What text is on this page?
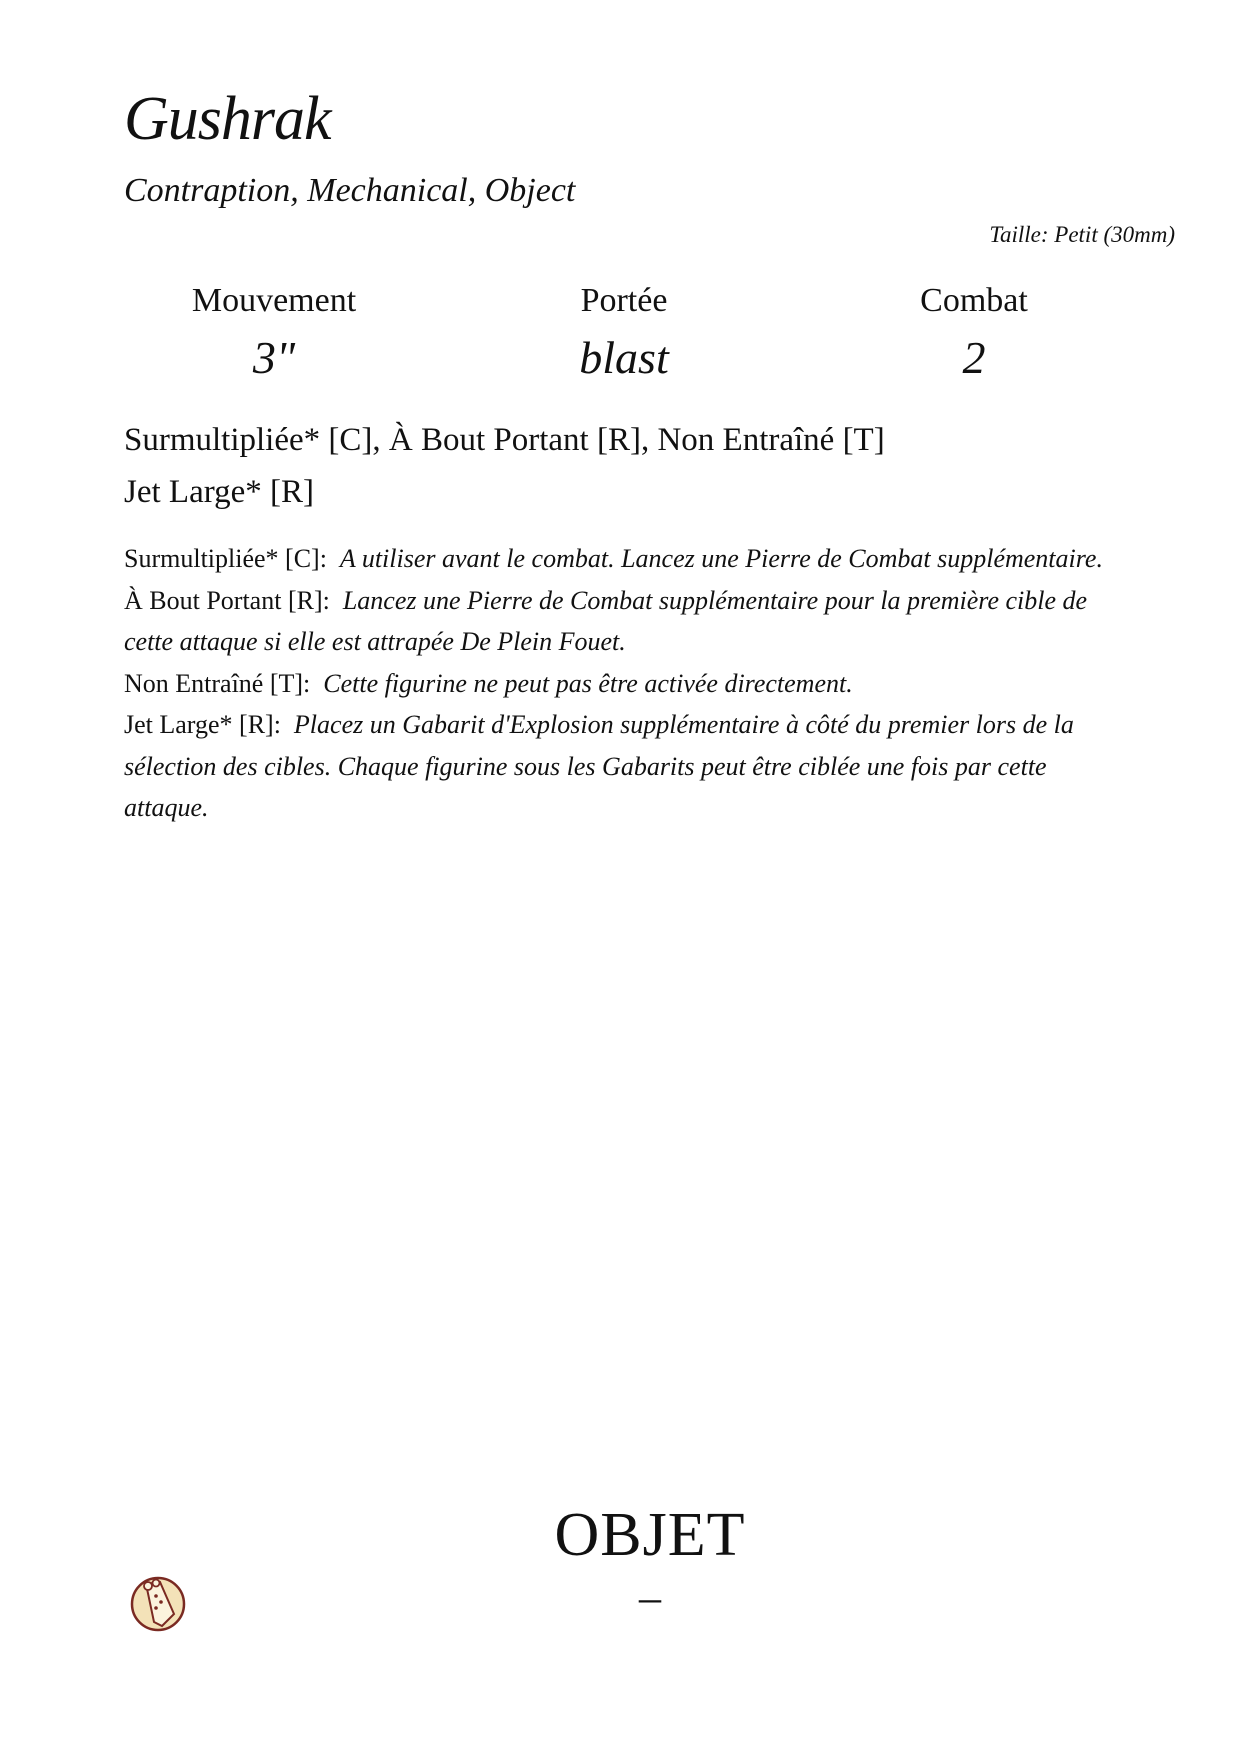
Gushrak
Contraption, Mechanical, Object
Taille: Petit (30mm)
Mouvement
3"
Portée
blast
Combat
2
Surmultipliée* [C], À Bout Portant [R], Non Entraîné [T]
Jet Large* [R]

Surmultipliée* [C]: A utiliser avant le combat. Lancez une Pierre de Combat supplémentaire.

À Bout Portant [R]: Lancez une Pierre de Combat supplémentaire pour la première cible de cette attaque si elle est attrapée De Plein Fouet.

Non Entraîné [T]: Cette figurine ne peut pas être activée directement.

Jet Large* [R]: Placez un Gabarit d'Explosion supplémentaire à côté du premier lors de la sélection des cibles. Chaque figurine sous les Gabarits peut être ciblée une fois par cette attaque.

OBJET
–
